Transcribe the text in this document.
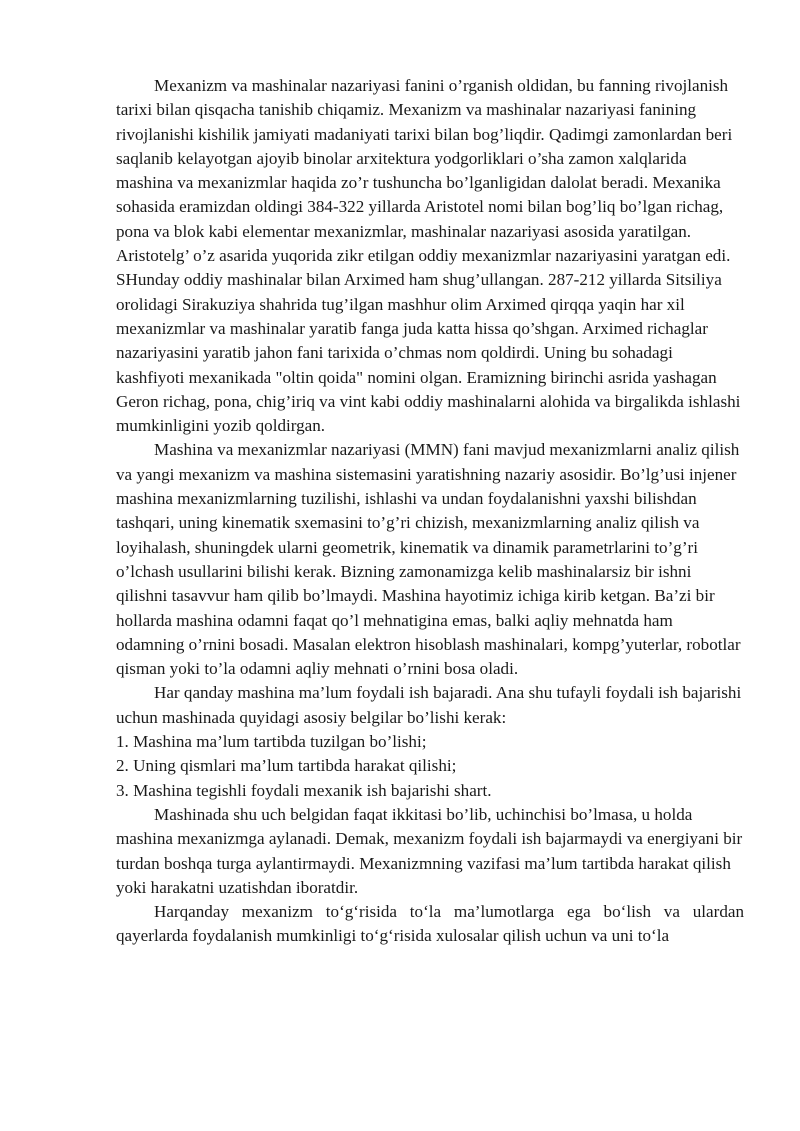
Mexanizm va mashinalar nazariyasi fanini o’rganish oldidan, bu fanning rivojlanish tarixi bilan qisqacha tanishib chiqamiz. Mexanizm va mashinalar nazariyasi fanining rivojlanishi kishilik jamiyati madaniyati tarixi bilan bog’liqdir. Qadimgi zamonlardan beri saqlanib kelayotgan ajoyib binolar arxitektura yodgorliklari o’sha zamon xalqlarida mashina va mexanizmlar haqida zo’r tushuncha bo’lganligidan dalolat beradi. Mexanika sohasida eramizdan oldingi 384-322 yillarda Aristotel nomi bilan bog’liq bo’lgan richag, pona va blok kabi elementar mexanizmlar, mashinalar nazariyasi asosida yaratilgan. Aristotelg’ o’z asarida yuqorida zikr etilgan oddiy mexanizmlar nazariyasini yaratgan edi. SHunday oddiy mashinalar bilan Arximed ham shug’ullangan. 287-212 yillarda Sitsiliya orolidagi Sirakuziya shahrida tug’ilgan mashhur olim Arximed qirqqa yaqin har xil mexanizmlar va mashinalar yaratib fanga juda katta hissa qo’shgan. Arximed richaglar nazariyasini yaratib jahon fani tarixida o’chmas nom qoldirdi. Uning bu sohadagi kashfiyoti mexanikada "oltin qoida" nomini olgan. Eramizning birinchi asrida yashagan Geron richag, pona, chig’iriq va vint kabi oddiy mashinalarni alohida va birgalikda ishlashi mumkinligini yozib qoldirgan.

Mashina va mexanizmlar nazariyasi (MMN) fani mavjud mexanizmlarni analiz qilish va yangi mexanizm va mashina sistemasini yaratishning nazariy asosidir. Bo’lg’usi injener mashina mexanizmlarning tuzilishi, ishlashi va undan foydalanishni yaxshi bilishdan tashqari, uning kinematik sxemasini to’g’ri chizish, mexanizmlarning analiz qilish va loyihalash, shuningdek ularni geometrik, kinematik va dinamik parametrlarini to’g’ri o’lchash usullarini bilishi kerak. Bizning zamonamizga kelib mashinalarsiz bir ishni qilishni tasavvur ham qilib bo’lmaydi. Mashina hayotimiz ichiga kirib ketgan. Ba’zi bir hollarda mashina odamni faqat qo’l mehnatigina emas, balki aqliy mehnatda ham odamning o’rnini bosadi. Masalan elektron hisoblash mashinalari, kompg’yuterlar, robotlar qisman yoki to’la odamni aqliy mehnati o’rnini bosa oladi.

Har qanday mashina ma’lum foydali ish bajaradi. Ana shu tufayli foydali ish bajarishi uchun mashinada quyidagi asosiy belgilar bo’lishi kerak:

1. Mashina ma’lum tartibda tuzilgan bo’lishi;

2. Uning qismlari ma’lum tartibda harakat qilishi;

3. Mashina tegishli foydali mexanik ish bajarishi shart.

Mashinada shu uch belgidan faqat ikkitasi bo’lib, uchinchisi bo’lmasa, u holda mashina mexanizmga aylanadi. Demak, mexanizm foydali ish bajarmaydi va energiyani bir turdan boshqa turga aylantirmaydi. Mexanizmning vazifasi ma’lum tartibda harakat qilish yoki harakatni uzatishdan iboratdir.

Harqanday mexanizm to‘g‘risida to‘la ma’lumotlarga ega bo‘lish va ulardan qayerlarda foydalanish mumkinligi to‘g‘risida xulosalar qilish uchun va uni to‘la
